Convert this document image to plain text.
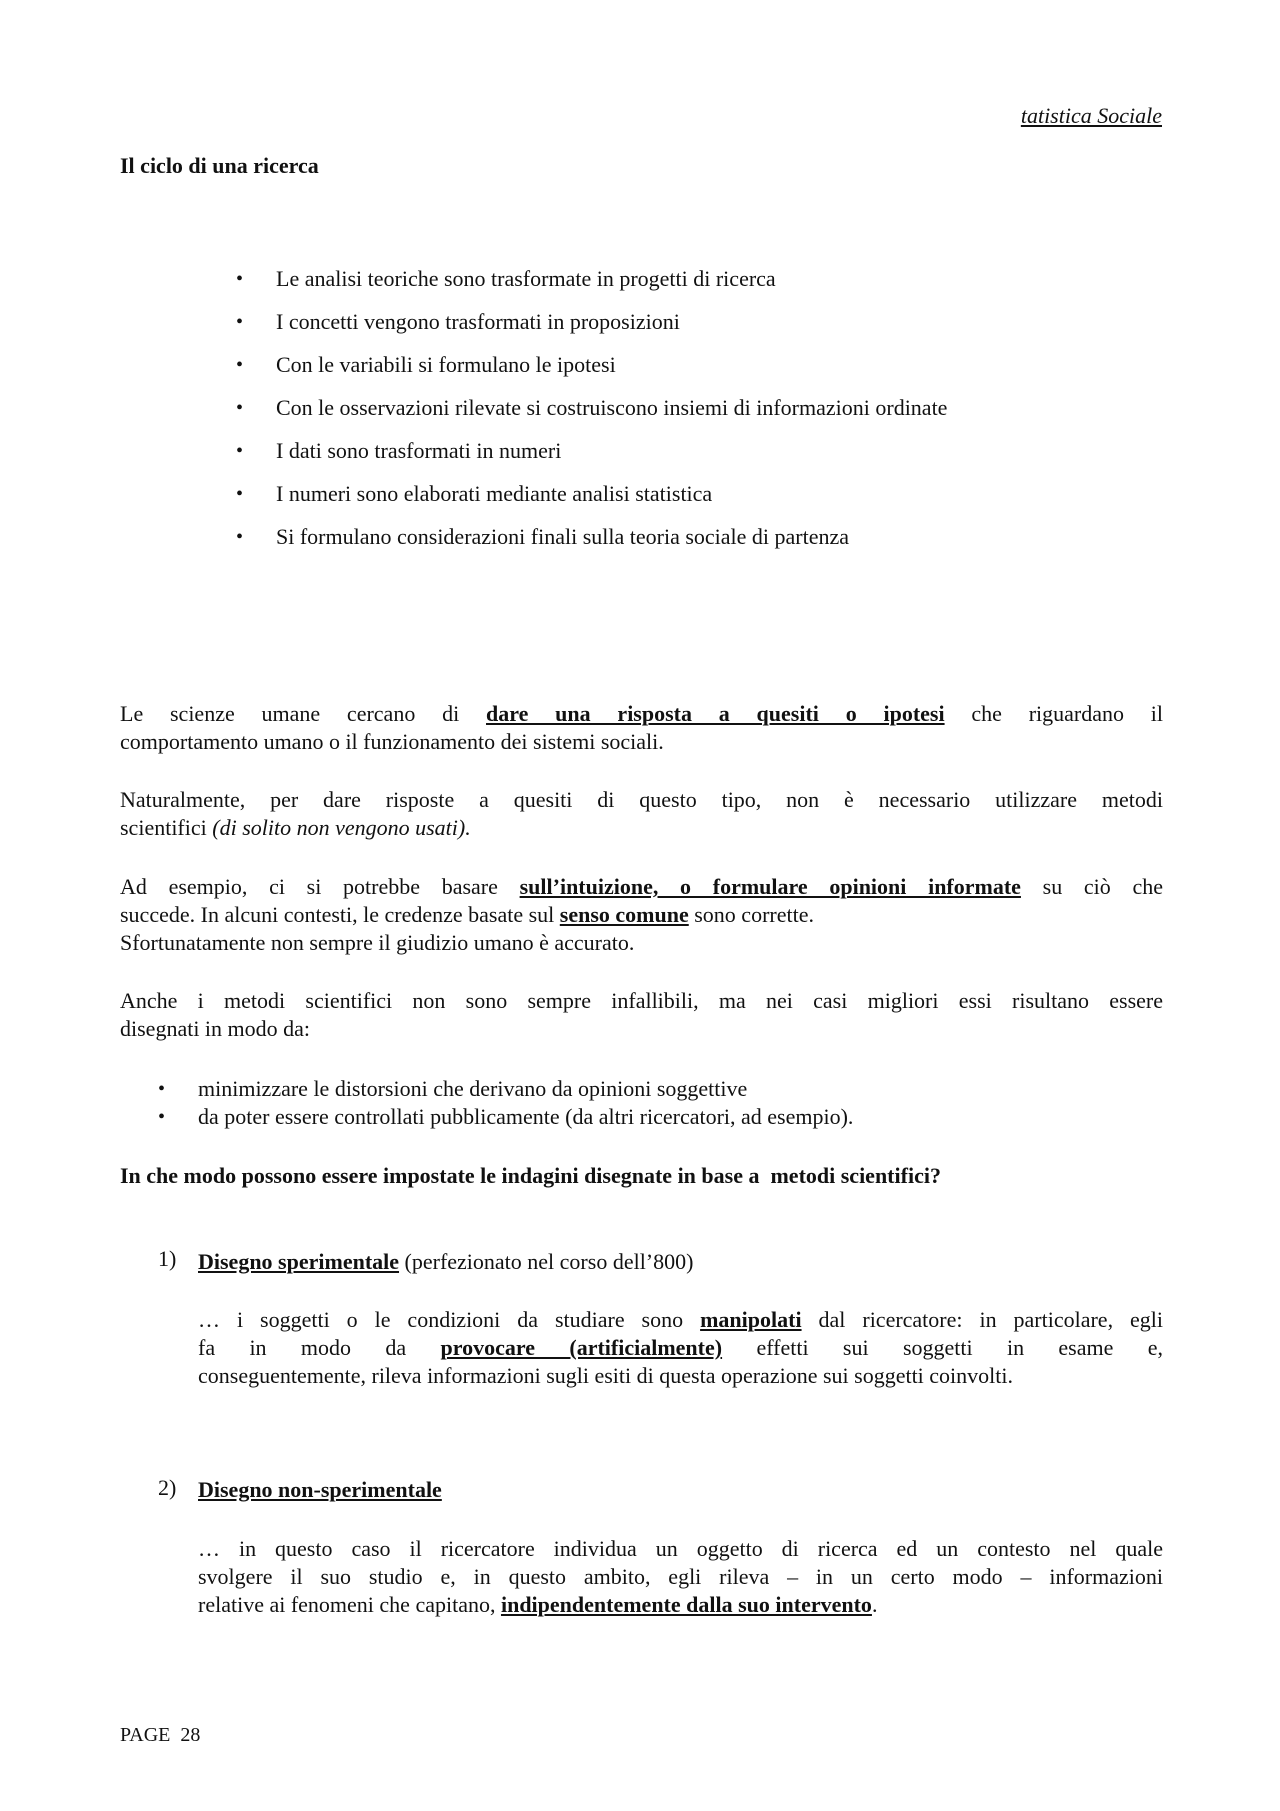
tatistica Sociale
Il ciclo di una ricerca
• Le analisi teoriche sono trasformate in progetti di ricerca
• I concetti vengono trasformati in proposizioni
• Con le variabili si formulano le ipotesi
• Con le osservazioni rilevate si costruiscono insiemi di informazioni ordinate
• I dati sono trasformati in numeri
• I numeri sono elaborati mediante analisi statistica
• Si formulano considerazioni finali sulla teoria sociale di partenza
Le scienze umane cercano di dare una risposta a quesiti o ipotesi che riguardano il
comportamento umano o il funzionamento dei sistemi sociali.
Naturalmente, per dare risposte a quesiti di questo tipo, non è necessario utilizzare metodi
scientifici (di solito non vengono usati).
Ad esempio, ci si potrebbe basare sull’intuizione, o formulare opinioni informate su ciò che
succede. In alcuni contesti, le credenze basate sul senso comune sono corrette.
Sfortunatamente non sempre il giudizio umano è accurato.
Anche i metodi scientifici non sono sempre infallibili, ma nei casi migliori essi risultano essere
disegnati in modo da:
• minimizzare le distorsioni che derivano da opinioni soggettive
• da poter essere controllati pubblicamente (da altri ricercatori, ad esempio).
In che modo possono essere impostate le indagini disegnate in base a  metodi scientifici?
1) Disegno sperimentale (perfezionato nel corso dell’800)
… i soggetti o le condizioni da studiare sono manipolati dal ricercatore: in particolare, egli
fa in modo da provocare (artificialmente) effetti sui soggetti in esame e,
conseguentemente, rileva informazioni sugli esiti di questa operazione sui soggetti coinvolti.
2) Disegno non-sperimentale
… in questo caso il ricercatore individua un oggetto di ricerca ed un contesto nel quale
svolgere il suo studio e, in questo ambito, egli rileva – in un certo modo – informazioni
relative ai fenomeni che capitano, indipendentemente dalla suo intervento.
PAGE 28
